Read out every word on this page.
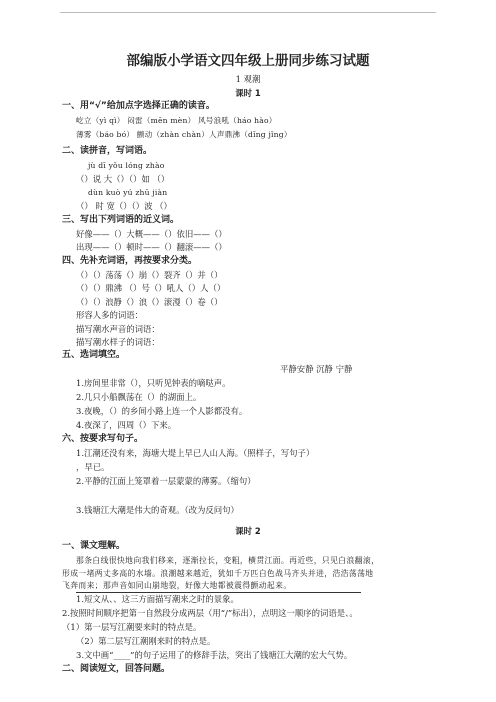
部编版小学语文四年级上册同步练习试题
1 观潮
课时 1
一、用“√”给加点字选择正确的读音。
屹立（yì qì） 闷雷（mēn mèn） 风号浪吼（háo hào）
薄雾（báo bó） 颤动（zhàn chàn）人声鼎沸（dǐng jǐng）
二、读拼音，写词语。
jù dī yǒu lóng zhào
（）说 大（）（）如 （）
dùn kuò yú zhū jiàn
（） 时 宽（）（）波 （）
三、写出下列词语的近义词。
好像——（）大概——（）依旧——（）
出现——（）顿时——（）翻滚——（）
四、先补充词语，再按要求分类。
（）（）荡荡（）崩（）裂齐（）并（）
（）（）鼎沸 （）号（）吼人（）人（）
（）（）浪静（）浪（）滚漫（）卷（）
形容人多的词语：
描写潮水声音的词语：
描写潮水样子的词语：
五、选词填空。
平静安静 沉静 宁静
1.房间里非常（），只听见钟表的嘀哒声。
2.几只小船飘荡在（）的湖面上。
3.夜晚，（）的乡间小路上连一个人影都没有。
4.夜深了，四周（）下来。
六、按要求写句子。
1.江潮还没有来，海塘大堤上早已人山人海。（照样子，写句子）
，早已。
2.平静的江面上笼罩着一层蒙蒙的薄雾。（缩句）
3.钱塘江大潮是伟大的奇观。（改为反问句）
课时 2
一、课文理解。
那条白线很快地向我们移来，逐渐拉长，变粗，横贯江面。再近些，只见白浪翻滚，
形成一堵两丈多高的水墙。浪潮越来越近，犹如千万匹白色战马齐头并进，浩浩荡荡地
飞奔而来；那声音如同山崩地裂，好像大地都被震得颤动起来。
1.短文从、、这三方面描写潮来之时的景象。
2.按照时间顺序把第一自然段分成两层（用“/”标出），点明这一顺序的词语是、。
（1）第一层写江潮要来时的特点是。
（2）第二层写江潮刚来时的特点是。
3.文中画“____”的句子运用了的修辞手法，突出了钱塘江大潮的宏大气势。
二、阅读短文，回答问题。
